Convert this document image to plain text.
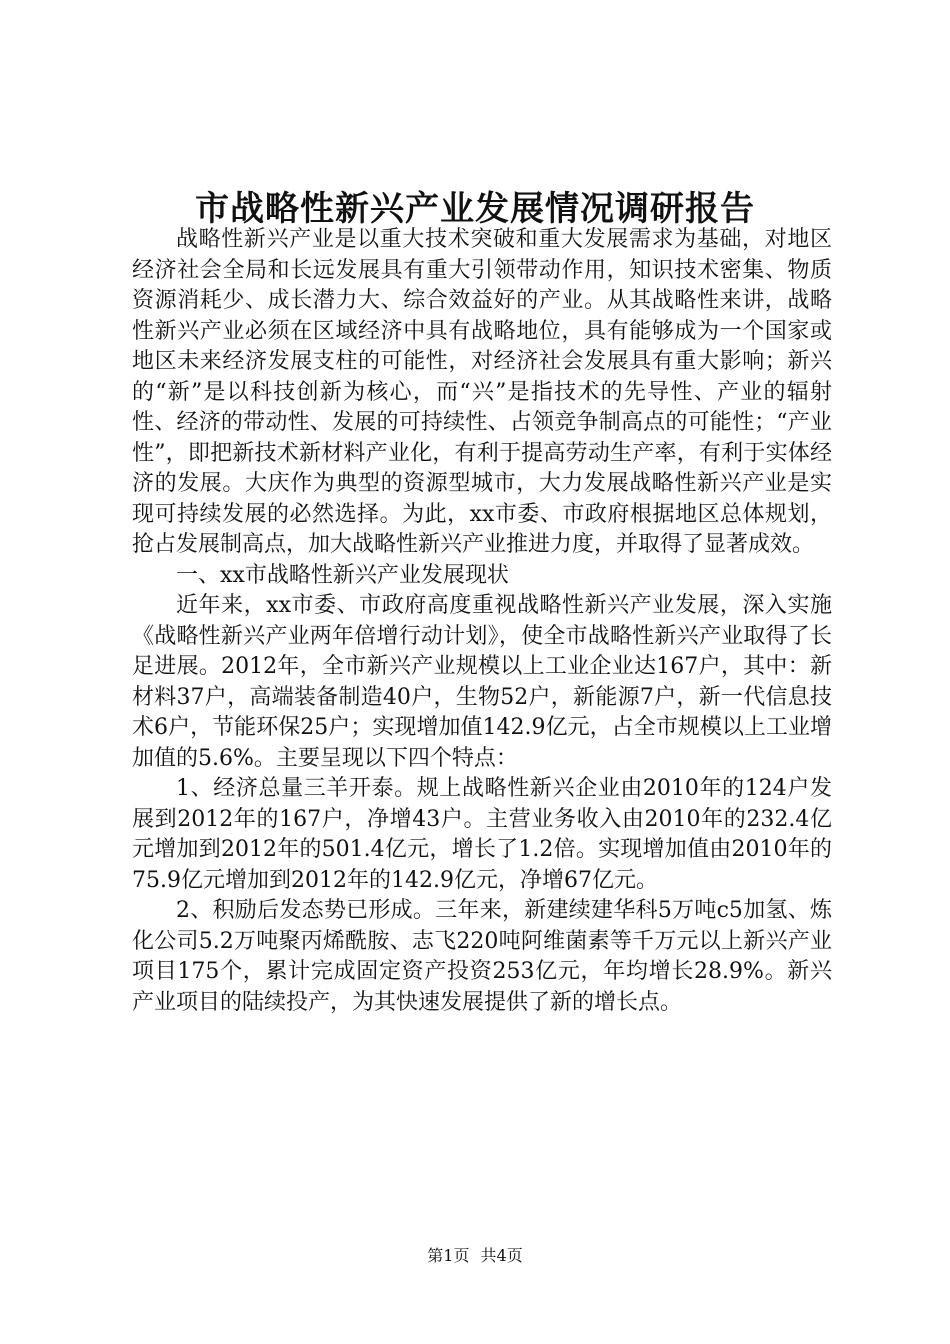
市战略性新兴产业发展情况调研报告

战略性新兴产业是以重大技术突破和重大发展需求为基础，对地区经济社会全局和长远发展具有重大引领带动作用，知识技术密集、物质资源消耗少、成长潜力大、综合效益好的产业。从其战略性来讲，战略性新兴产业必须在区域经济中具有战略地位，具有能够成为一个国家或地区未来经济发展支柱的可能性，对经济社会发展具有重大影响；新兴的“新”是以科技创新为核心，而“兴”是指技术的先导性、产业的辐射性、经济的带动性、发展的可持续性、占领竞争制高点的可能性；“产业性”，即把新技术新材料产业化，有利于提高劳动生产率，有利于实体经济的发展。大庆作为典型的资源型城市，大力发展战略性新兴产业是实现可持续发展的必然选择。为此，xx市委、市政府根据地区总体规划，抢占发展制高点，加大战略性新兴产业推进力度，并取得了显著成效。

一、xx市战略性新兴产业发展现状

近年来，xx市委、市政府高度重视战略性新兴产业发展，深入实施《战略性新兴产业两年倍增行动计划》，使全市战略性新兴产业取得了长足进展。2012年，全市新兴产业规模以上工业企业达167户，其中：新材料37户，高端装备制造40户，生物52户，新能源7户，新一代信息技术6户，节能环保25户；实现增加值142.9亿元，占全市规模以上工业增加值的5.6%。主要呈现以下四个特点：

1、经济总量三羊开泰。规上战略性新兴企业由2010年的124户发展到2012年的167户，净增43户。主营业务收入由2010年的232.4亿元增加到2012年的501.4亿元，增长了1.2倍。实现增加值由2010年的75.9亿元增加到2012年的142.9亿元，净增67亿元。

2、积励后发态势已形成。三年来，新建续建华科5万吨c5加氢、炼化公司5.2万吨聚丙烯酰胺、志飞220吨阿维菌素等千万元以上新兴产业项目175个，累计完成固定资产投资253亿元，年均增长28.9%。新兴产业项目的陆续投产，为其快速发展提供了新的增长点。

第1页 共4页
